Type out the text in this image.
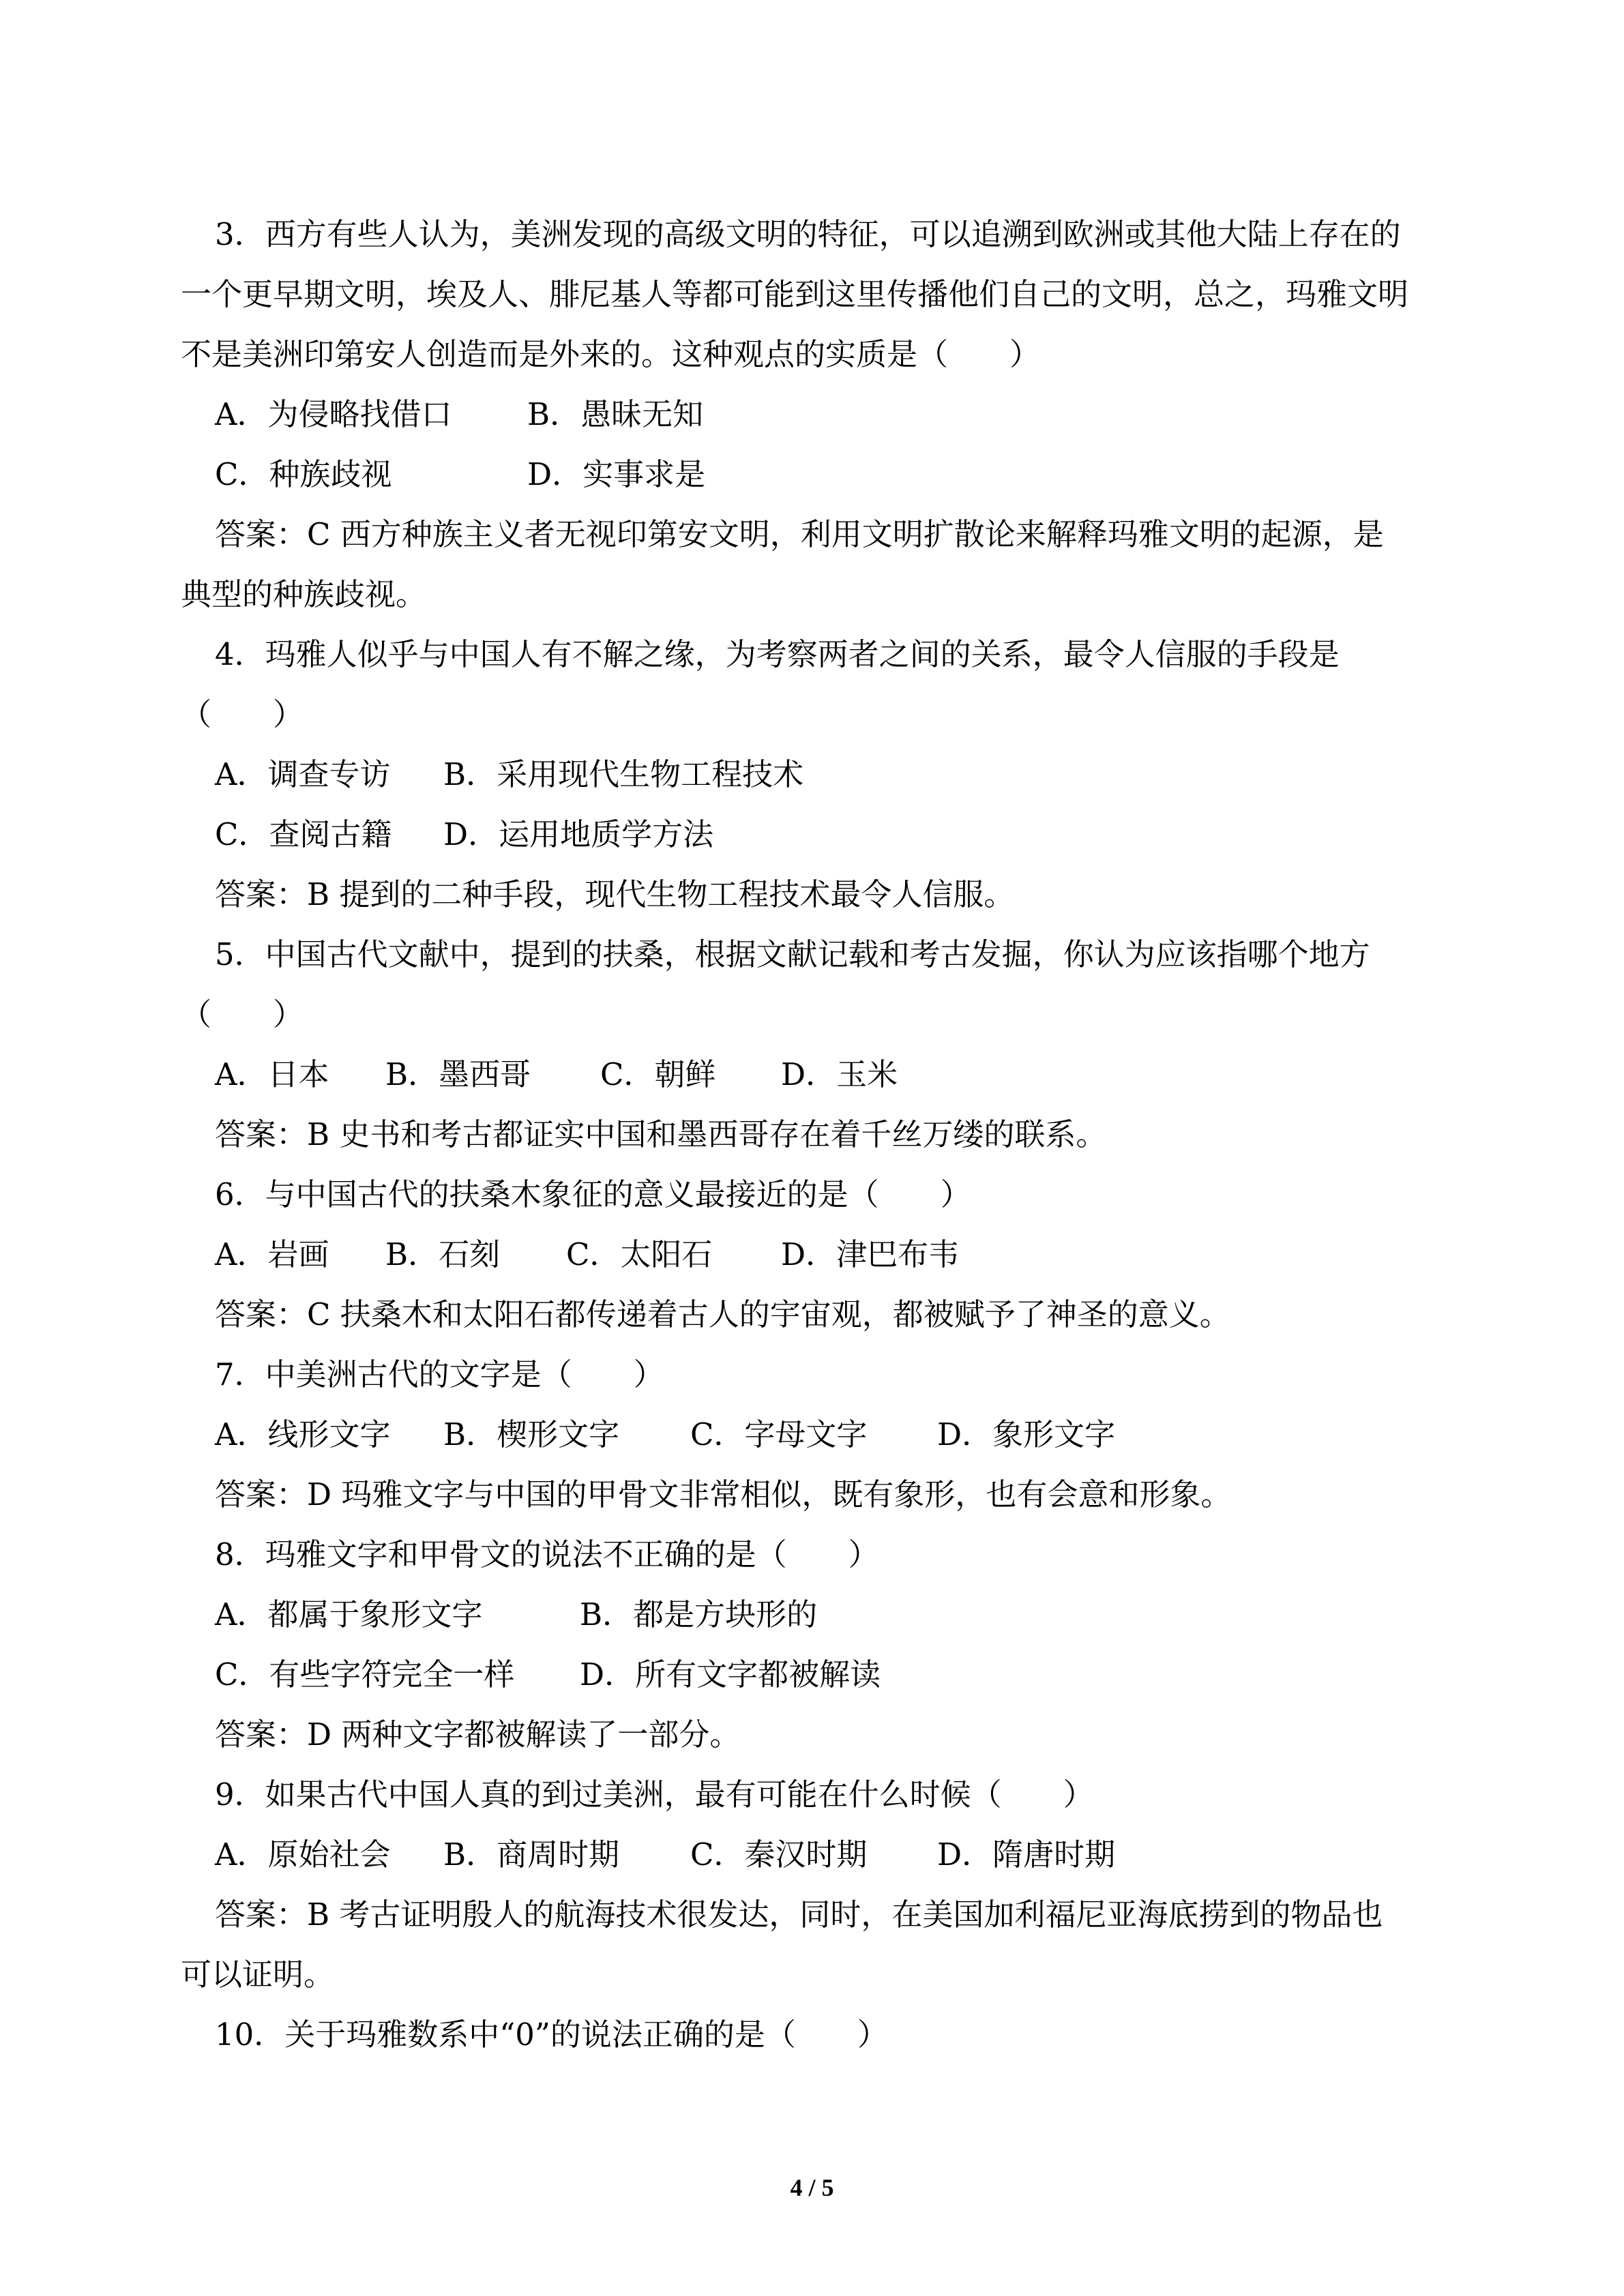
3．西方有些人认为，美洲发现的高级文明的特征，可以追溯到欧洲或其他大陆上存在的
一个更早期文明，埃及人、腓尼基人等都可能到这里传播他们自己的文明，总之，玛雅文明
不是美洲印第安人创造而是外来的。这种观点的实质是（　　）
A．为侵略找借口	B．愚昧无知
C．种族歧视	D．实事求是
答案：C 西方种族主义者无视印第安文明，利用文明扩散论来解释玛雅文明的起源，是
典型的种族歧视。
4．玛雅人似乎与中国人有不解之缘，为考察两者之间的关系，最令人信服的手段是
（　　）
A．调查专访	B．采用现代生物工程技术
C．查阅古籍	D．运用地质学方法
答案：B 提到的二种手段，现代生物工程技术最令人信服。
5．中国古代文献中，提到的扶桑，根据文献记载和考古发掘，你认为应该指哪个地方
（　　）
A．日本	B．墨西哥	C．朝鲜	D．玉米
答案：B 史书和考古都证实中国和墨西哥存在着千丝万缕的联系。
6．与中国古代的扶桑木象征的意义最接近的是（　　）
A．岩画	B．石刻	C．太阳石	D．津巴布韦
答案：C 扶桑木和太阳石都传递着古人的宇宙观，都被赋予了神圣的意义。
7．中美洲古代的文字是（　　）
A．线形文字	B．楔形文字	C．字母文字	D．象形文字
答案：D 玛雅文字与中国的甲骨文非常相似，既有象形，也有会意和形象。
8．玛雅文字和甲骨文的说法不正确的是（　　）
A．都属于象形文字	B．都是方块形的
C．有些字符完全一样	D．所有文字都被解读
答案：D 两种文字都被解读了一部分。
9．如果古代中国人真的到过美洲，最有可能在什么时候（　　）
A．原始社会	B．商周时期	C．秦汉时期	D．隋唐时期
答案：B 考古证明殷人的航海技术很发达，同时，在美国加利福尼亚海底捞到的物品也
可以证明。
10．关于玛雅数系中“0”的说法正确的是（　　）
4 / 5
